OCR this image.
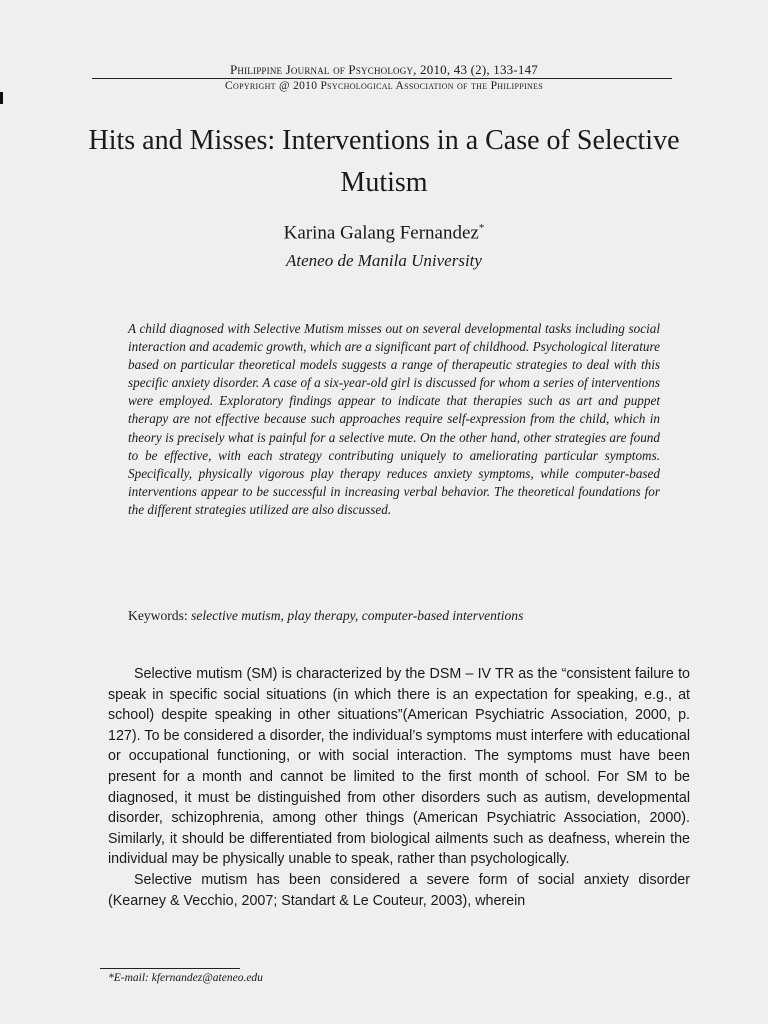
Philippine Journal of Psychology, 2010, 43 (2), 133-147
Copyright @ 2010 Psychological Association of the Philippines
Hits and Misses: Interventions in a Case of Selective Mutism
Karina Galang Fernandez*
Ateneo de Manila University
A child diagnosed with Selective Mutism misses out on several developmental tasks including social interaction and academic growth, which are a significant part of childhood. Psychological literature based on particular theoretical models suggests a range of therapeutic strategies to deal with this specific anxiety disorder. A case of a six-year-old girl is discussed for whom a series of interventions were employed. Exploratory findings appear to indicate that therapies such as art and puppet therapy are not effective because such approaches require self-expression from the child, which in theory is precisely what is painful for a selective mute. On the other hand, other strategies are found to be effective, with each strategy contributing uniquely to ameliorating particular symptoms. Specifically, physically vigorous play therapy reduces anxiety symptoms, while computer-based interventions appear to be successful in increasing verbal behavior. The theoretical foundations for the different strategies utilized are also discussed.
Keywords: selective mutism, play therapy, computer-based interventions

Selective mutism (SM) is characterized by the DSM – IV TR as the “consistent failure to speak in specific social situations (in which there is an expectation for speaking, e.g., at school) despite speaking in other situations”(American Psychiatric Association, 2000, p. 127). To be considered a disorder, the individual’s symptoms must interfere with educational or occupational functioning, or with social interaction. The symptoms must have been present for a month and cannot be limited to the first month of school. For SM to be diagnosed, it must be distinguished from other disorders such as autism, developmental disorder, schizophrenia, among other things (American Psychiatric Association, 2000). Similarly, it should be differentiated from biological ailments such as deafness, wherein the individual may be physically unable to speak, rather than psychologically.

Selective mutism has been considered a severe form of social anxiety disorder (Kearney & Vecchio, 2007; Standart & Le Couteur, 2003), wherein

*E-mail: kfernandez@ateneo.edu
